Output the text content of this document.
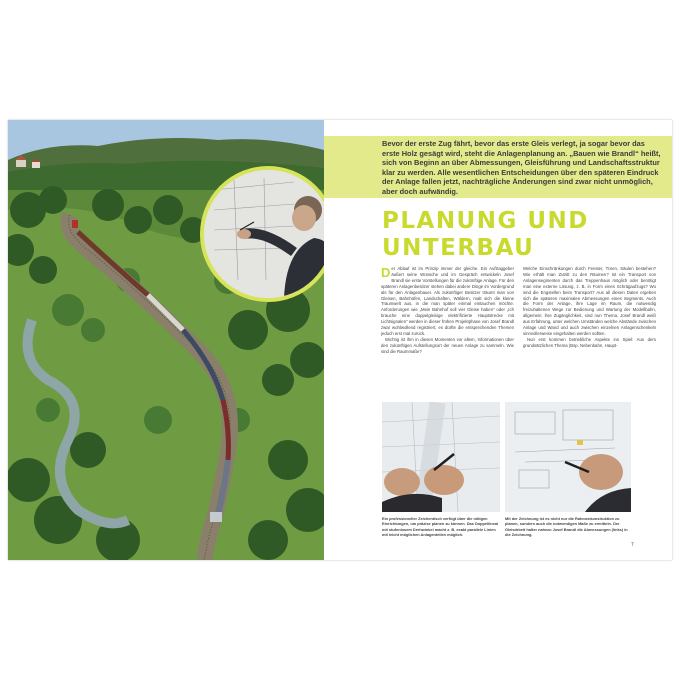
Bevor der erste Zug fährt, bevor das erste Gleis verlegt, ja sogar bevor das erste Holz gesägt wird, steht die Anlagenplanung an. „Bauen wie Brandl“ heißt, sich von Beginn an über Abmessungen, Gleisführung und Landschaftsstruktur klar zu werden. Alle wesentlichen Entscheidungen über den späteren Eindruck der Anlage fallen jetzt, nachträgliche Änderungen sind zwar nicht unmöglich, aber doch aufwändig.

PLANUNG UND
UNTERBAU
D er Ablauf ist im Prinzip immer der gleiche. Ein Auftraggeber äußert seine Wünsche und im Gespräch entwickeln Josef Brandl sie erste Vorstellungen für die zukünftige Anlage. Für den späteren Anlagenbesitzer stehen dabei andere Dinge im Vordergrund als für den Anlagenbauer. Als zukünftiger Besitzer träumt man von Gleisen, Bahnhöfen, Landschaften, Wäldern, malt sich die kleine Traumwelt aus, in die man später einmal eintauchen möchte. Anforderungen wie „Mein Bahnhof soll vier Gleise haben“ oder „Ich brauche eine doppelgleisige elektrifizierte Hauptstrecke mit Lichtsignalen“ werden in dieser frühen Projektphase von Josef Brandl zwar wohlwollend registriert, es dürfte die entsprechenden Themen jedoch erst mal zurück.

Wichtig ist ihm in diesen Momenten vor allem, Informationen über den zukünftigen Aufstellungsort der neuen Anlage zu sammeln. Wie sind die Raummaße?

Welche Einschränkungen durch Fenster, Türen, Säulen bestehen? Wie erhält man Zutritt zu den Räumen? Ist ein Transport von Anlagensegmenten durch das Treppenhaus möglich oder benötigt man eine externe Lösung, z. B. in Form eines Schrägaufzugs? Wo sind die Engstellen beim Transport? Aus all diesen Daten ergeben sich die späteren maximalen Abmessungen eines Segments, Auch die Form der Anlage, ihre Lage im Raum, die notwendig freizuhaltenen Wege zur Bedienung und Wartung der Modellbahn, allgemein: ihre Zugänglichkeit, sind nun Thema. Josef Brandl weiß aus Erfahrung, unter welchen Umständen welche Abstände zwischen Anlage und Wand und auch zwischen einzelnen Anlagenschenkeln sinnvollerweise eingehalten werden sollten.

Nun erst kommen betriebliche Aspekte ins Spiel: Aus dem grundsätzlichen Thema (Bsp. Nebenbahn, Haupt-

Ein professioneller Zeichentisch verfügt über die nötigen Einrichtungen, um präzise planen zu können. Das Doppellineal mit stufenlosem Drehwinkel macht z. B. exakt parallele Linien mit leicht möglichen Anlagenteilen möglich.

Mit der Zeichnung ist es nicht nur die Rahmenkonstruktion zu planen, sondern auch die notwendigen Maße zu ermitteln. Der Gleisdrbeit halter nahezu Josef Brandl die Abmessungen (links) in die Zeichnung.

7
